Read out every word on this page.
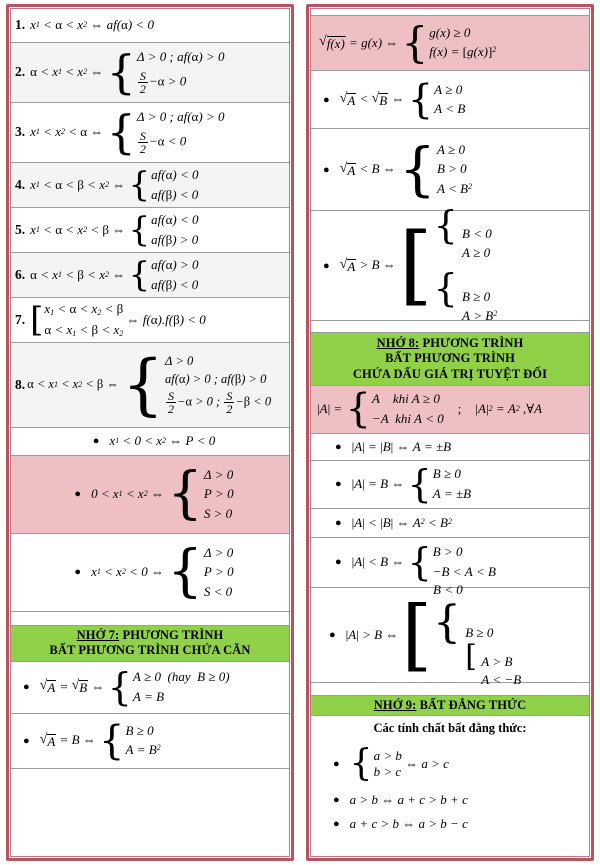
1. x 1 < α < x 2 ⇔ af ( α ) < 0
2. α < x 1 < x 2 ⇔ { Δ > 0 ; af(α) > 0
$\frac{S}{2} -\alpha > 0$
3. x 1 < x 2 < α ⇔ { Δ > 0 ; af(α) > 0
$\frac{S}{2} -\alpha < 0$
4. x 1 < α < β < x 2 ⇔ { af(α) < 0
af(β) < 0
5. x 1 < α < x 2 < β ⇔ { af(α) < 0
af(β) > 0
6. α < x 1 < β < x 2 ⇔ { af(α) > 0
af(β) < 0
7. [ $x_1 < \alpha < x_2 < \beta$
$\alpha < x_1 < \beta < x_2$
⇔ f ( α ). f ( β ) < 0
8. α < x 1 < x 2 < β ⇔ { Δ > 0
af(α) > 0 ; af(β) > 0
$\frac{S}{2} -\alpha > 0$ ; $\frac{S}{2} -\beta < 0$
● x 1 < 0 < x 2 ⇔ P < 0
● 0 < x 1 < x 2 ⇔ { Δ > 0
P > 0
S > 0
● x 1 < x 2 < 0 ⇔ { Δ > 0
P > 0
S < 0
NHỚ 7: PHƯƠNG TRÌNH
BẤT PHƯƠNG TRÌNH CHỨA CĂN
● √ A = √ B ⇔ { A ≥ 0  (hay B ≥ 0)
A = B
● √ A = B ⇔ { B ≥ 0
$A = B^2$
√ f(x) = g ( x ) ⇔ { g(x) ≥ 0
$f(x) = [g(x)]^2$
● √ A < √ B ⇔ { A ≥ 0
A < B
● √ A < B ⇔ { A ≥ 0
B > 0
$A < B^2$
● √ A > B ⇔ [ { B < 0
A ≥ 0
{ B ≥ 0
$A > B^2$
NHỚ 8: PHƯƠNG TRÌNH
BẤT PHƯƠNG TRÌNH
CHỨA DẤU GIÁ TRỊ TUYỆT ĐỐI
|A| = { A khi A ≥ 0
−A khi A < 0
; |A| 2 = A 2 ,∀ A
● |A| = |B| ⇔ A = ± B
● |A| = B ⇔ { B ≥ 0
A = ±B
● |A| < |B| ⇔ A 2 < B 2
● |A| < B ⇔ { B > 0
−B < A < B
● |A| > B ⇔ [
B < 0
{ B ≥ 0
[ A > B
A < −B
NHỚ 9: BẤT ĐẮNG THỨC
Các tính chất bất đẳng thức:
● { a > b
b > c
⇔ a > c
● a > b ⇔ a + c > b + c
● a + c > b ⇔ a > b − c
